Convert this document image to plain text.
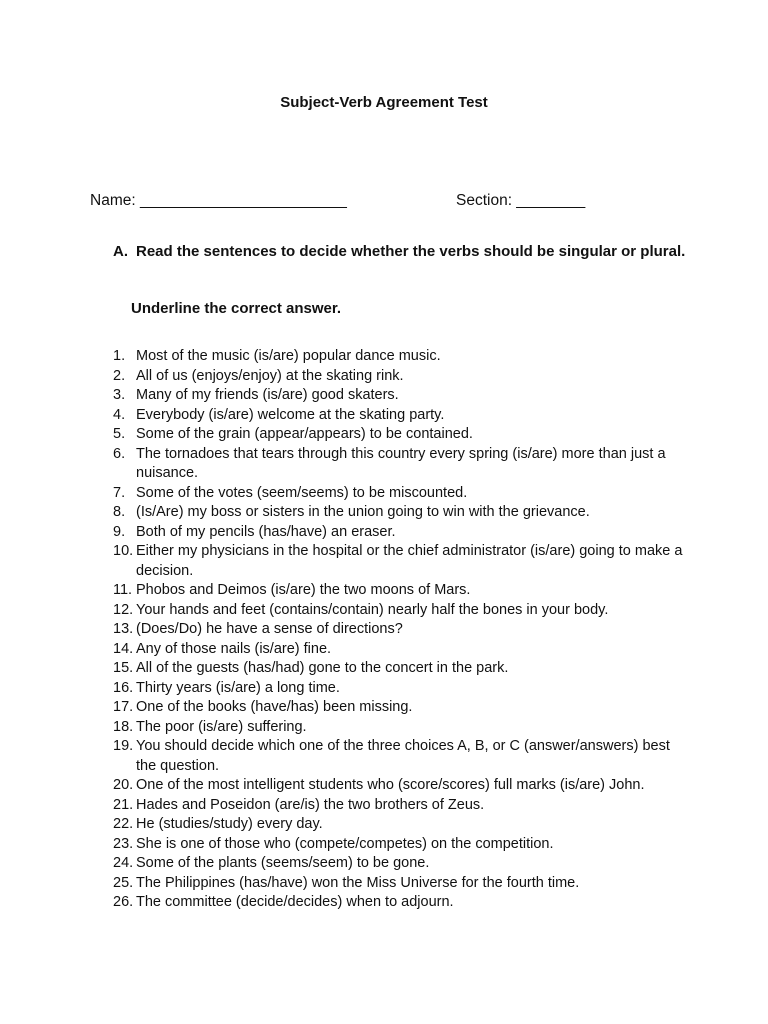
Subject-Verb Agreement Test
Name: ________________________	Section: ________
A. Read the sentences to decide whether the verbs should be singular or plural.
Underline the correct answer.
1. Most of the music (is/are) popular dance music.
2. All of us (enjoys/enjoy) at the skating rink.
3. Many of my friends (is/are) good skaters.
4. Everybody (is/are) welcome at the skating party.
5. Some of the grain (appear/appears) to be contained.
6. The tornadoes that tears through this country every spring (is/are) more than just a nuisance.
7. Some of the votes (seem/seems) to be miscounted.
8. (Is/Are) my boss or sisters in the union going to win with the grievance.
9. Both of my pencils (has/have) an eraser.
10. Either my physicians in the hospital or the chief administrator (is/are) going to make a decision.
11. Phobos and Deimos (is/are) the two moons of Mars.
12. Your hands and feet (contains/contain) nearly half the bones in your body.
13. (Does/Do) he have a sense of directions?
14. Any of those nails (is/are) fine.
15. All of the guests (has/had) gone to the concert in the park.
16. Thirty years (is/are) a long time.
17. One of the books (have/has) been missing.
18. The poor (is/are) suffering.
19. You should decide which one of the three choices A, B, or C (answer/answers) best the question.
20. One of the most intelligent students who (score/scores) full marks (is/are) John.
21. Hades and Poseidon (are/is) the two brothers of Zeus.
22. He (studies/study) every day.
23. She is one of those who (compete/competes) on the competition.
24. Some of the plants (seems/seem) to be gone.
25. The Philippines (has/have) won the Miss Universe for the fourth time.
26. The committee (decide/decides) when to adjourn.
